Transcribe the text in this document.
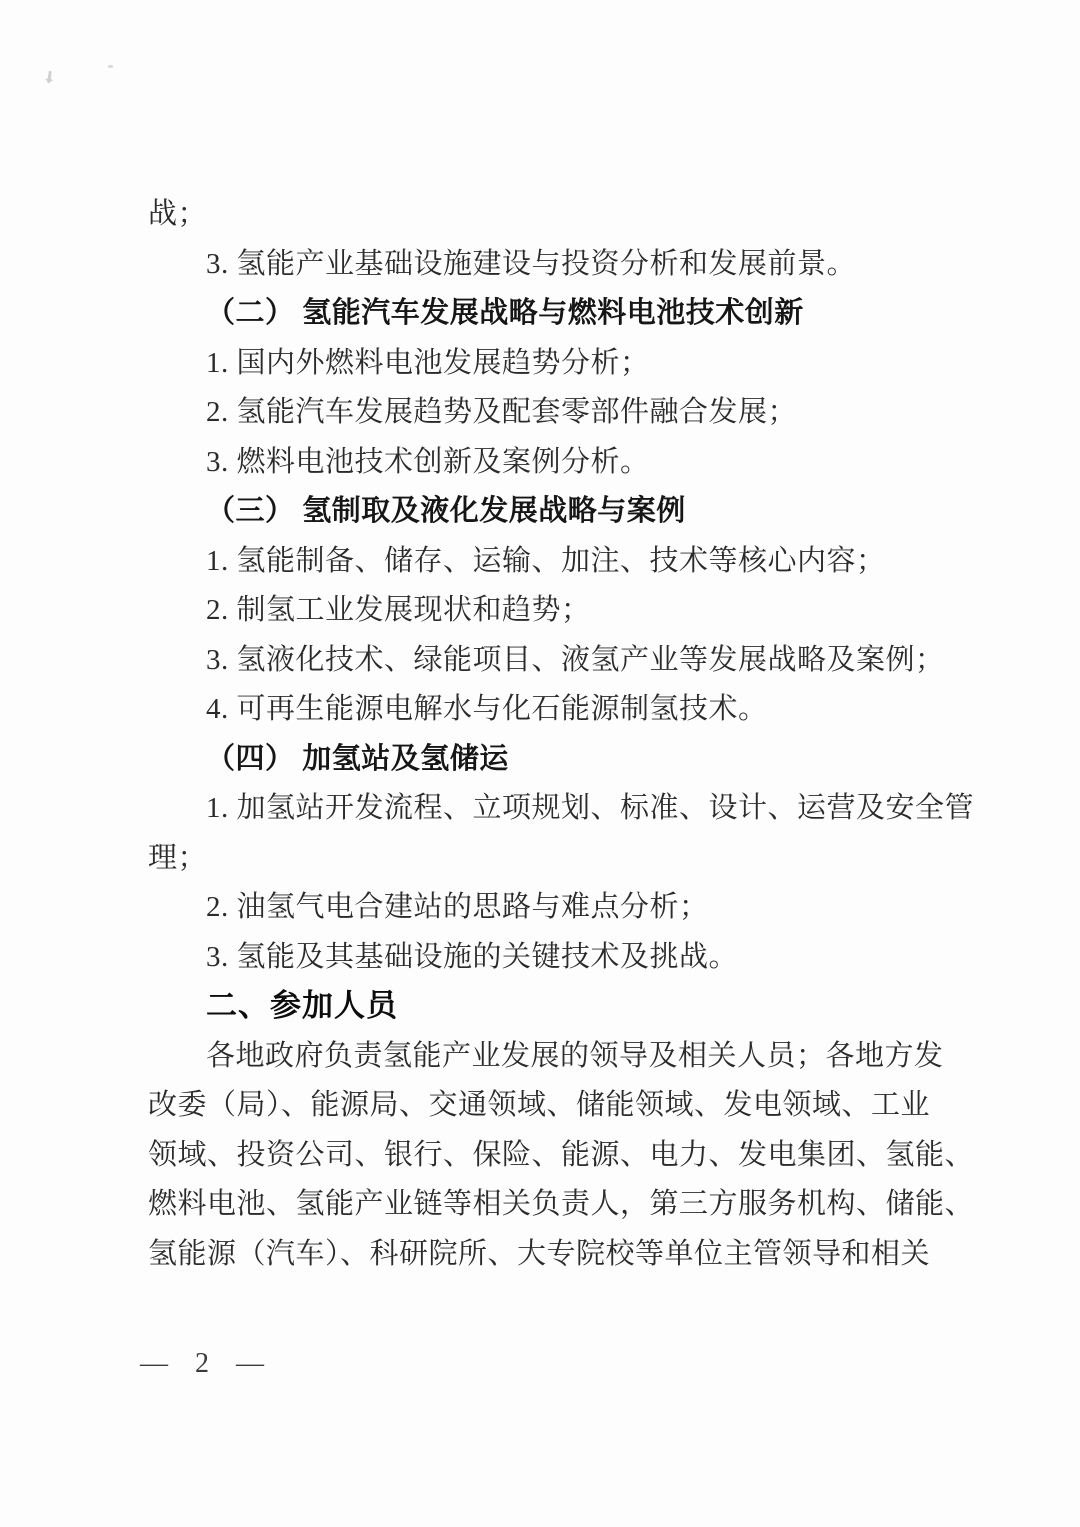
战；
3. 氢能产业基础设施建设与投资分析和发展前景。
（二） 氢能汽车发展战略与燃料电池技术创新
1. 国内外燃料电池发展趋势分析；
2. 氢能汽车发展趋势及配套零部件融合发展；
3. 燃料电池技术创新及案例分析。
（三） 氢制取及液化发展战略与案例
1. 氢能制备、储存、运输、加注、技术等核心内容；
2. 制氢工业发展现状和趋势；
3. 氢液化技术、绿能项目、液氢产业等发展战略及案例；
4. 可再生能源电解水与化石能源制氢技术。
（四） 加氢站及氢储运
1. 加氢站开发流程、立项规划、标准、设计、运营及安全管
理；
2. 油氢气电合建站的思路与难点分析；
3. 氢能及其基础设施的关键技术及挑战。
二、参加人员
各地政府负责氢能产业发展的领导及相关人员；各地方发
改委（局）、能源局、交通领域、储能领域、发电领域、工业
领域、投资公司、银行、保险、能源、电力、发电集团、氢能、
燃料电池、氢能产业链等相关负责人，第三方服务机构、储能、
氢能源（汽车）、科研院所、大专院校等单位主管领导和相关
— 2 —
